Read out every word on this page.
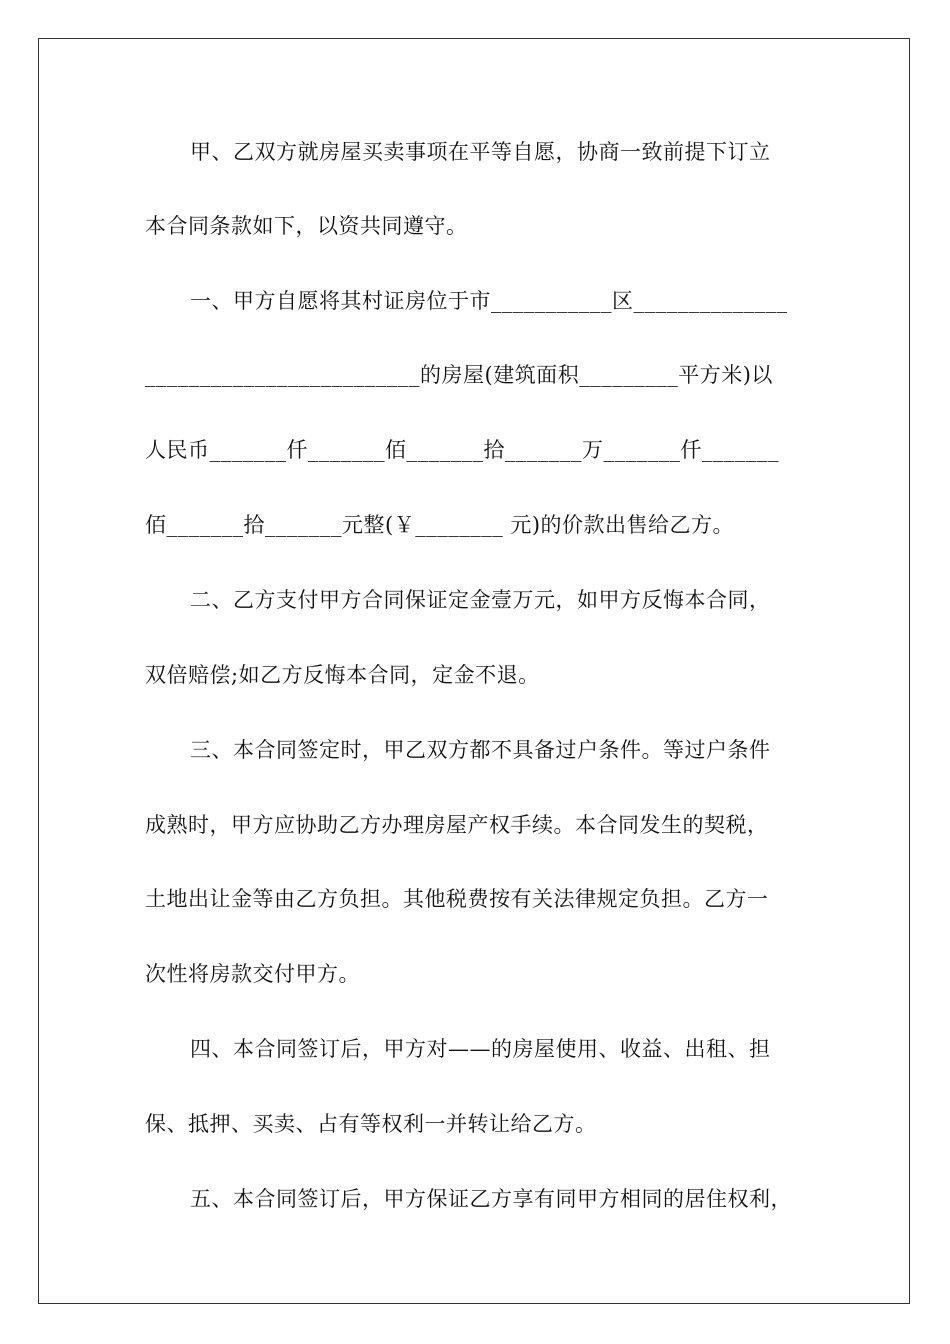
甲、乙双方就房屋买卖事项在平等自愿，协商一致前提下订立
本合同条款如下，以资共同遵守。
一、甲方自愿将其村证房位于市___________区______________
_________________________的房屋(建筑面积_________平方米)以
人民币_______仟_______佰_______拾_______万_______仟_______
佰_______拾_______元整(￥________ 元)的价款出售给乙方。
二、乙方支付甲方合同保证定金壹万元，如甲方反悔本合同，
双倍赔偿;如乙方反悔本合同，定金不退。
三、本合同签定时，甲乙双方都不具备过户条件。等过户条件
成熟时，甲方应协助乙方办理房屋产权手续。本合同发生的契税，
土地出让金等由乙方负担。其他税费按有关法律规定负担。乙方一
次性将房款交付甲方。
四、本合同签订后，甲方对——的房屋使用、收益、出租、担
保、抵押、买卖、占有等权利一并转让给乙方。
五、本合同签订后，甲方保证乙方享有同甲方相同的居住权利，
